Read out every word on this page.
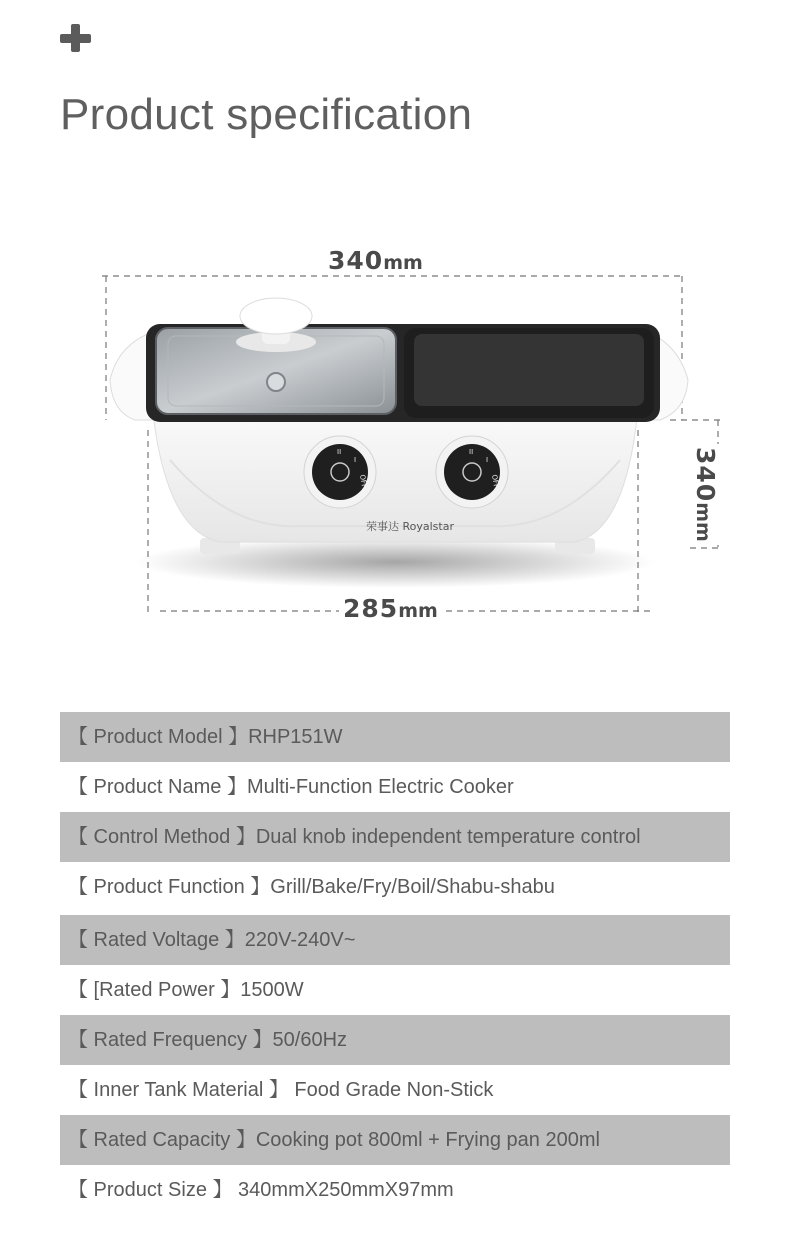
Product specification
II
I
OFF
II
I
OFF
荣事达 Royalstar
340mm
340mm
285mm
【 Product Model 】RHP151W
【 Product Name 】Multi-Function Electric Cooker
【 Control Method 】Dual knob independent temperature control
【 Product Function 】Grill/Bake/Fry/Boil/Shabu-shabu
【 Rated Voltage 】220V-240V~
【 [Rated Power 】1500W
【 Rated Frequency 】50/60Hz
【 Inner Tank Material 】 Food Grade Non-Stick
【 Rated Capacity 】Cooking pot 800ml + Frying pan 200ml
【 Product Size 】 340mmX250mmX97mm
